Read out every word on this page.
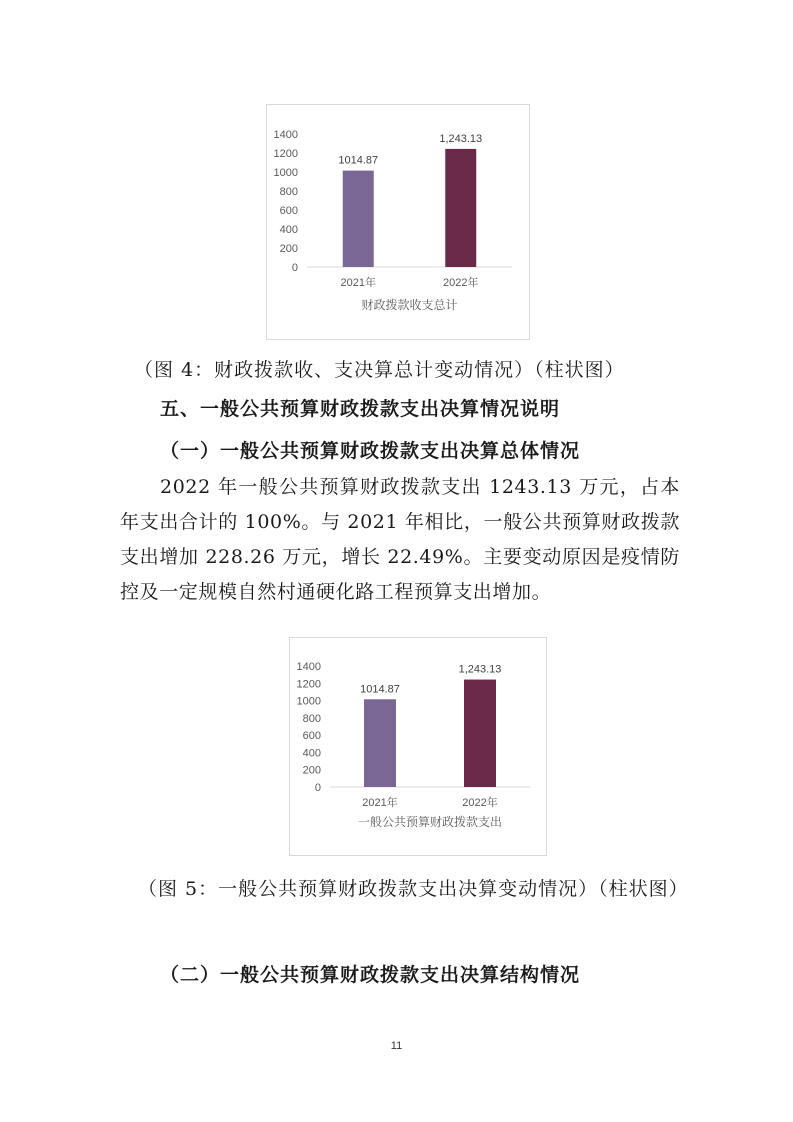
0
200
400
600
800
1000
1200
1400
1014.87
2021年
1,243.13
2022年
财政拨款收支总计
（图 4：财政拨款收、支决算总计变动情况）（柱状图）
五、一般公共预算财政拨款支出决算情况说明
（一）一般公共预算财政拨款支出决算总体情况
2022 年一般公共预算财政拨款支出 1243.13 万元，占本年支出合计的 100%。与 2021 年相比，一般公共预算财政拨款支出增加 228.26 万元，增长 22.49%。主要变动原因是疫情防控及一定规模自然村通硬化路工程预算支出增加。
0
200
400
600
800
1000
1200
1400
1014.87
2021年
1,243.13
2022年
一般公共预算财政拨款支出
（图 5：一般公共预算财政拨款支出决算变动情况）（柱状图）
（二）一般公共预算财政拨款支出决算结构情况
11
